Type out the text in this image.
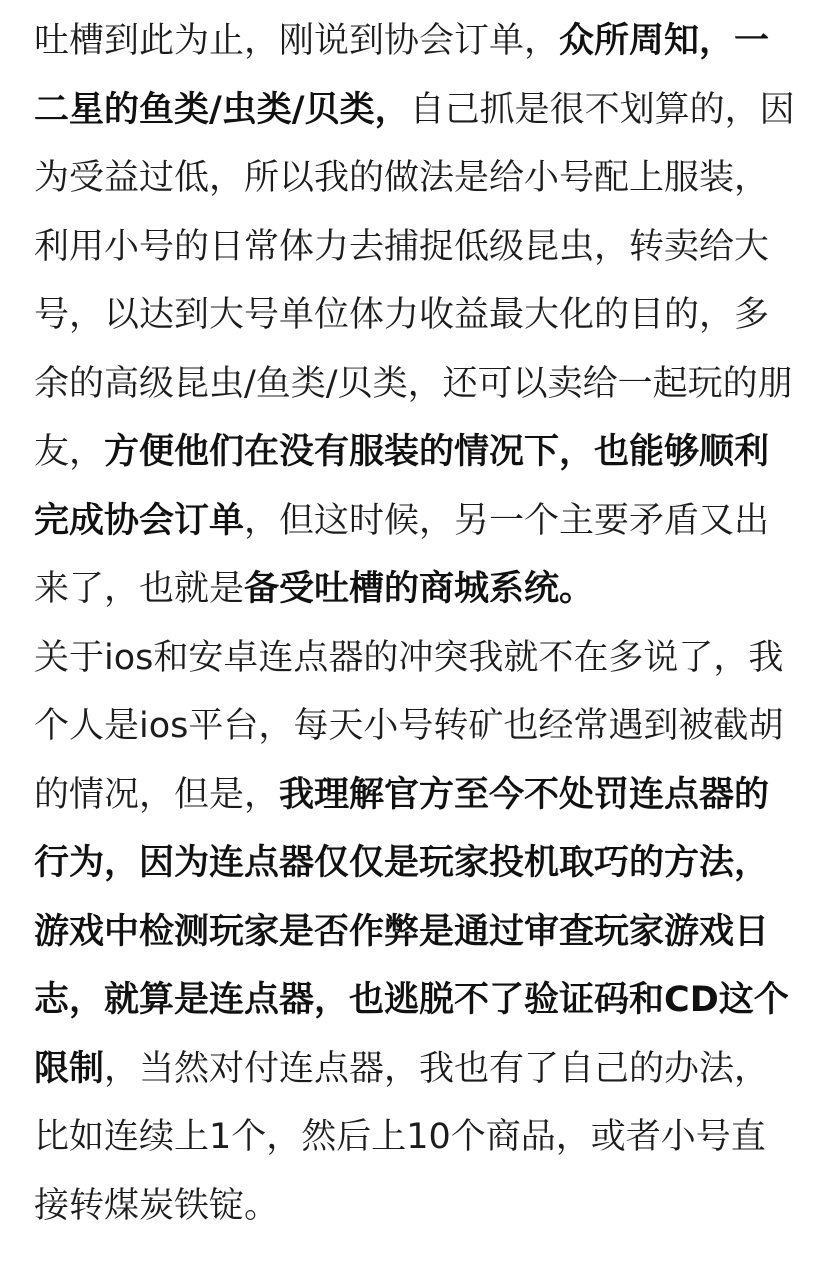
吐槽到此为止，刚说到协会订单，众所周知，一二星的鱼类/虫类/贝类，自己抓是很不划算的，因为受益过低，所以我的做法是给小号配上服装，利用小号的日常体力去捕捉低级昆虫，转卖给大号，以达到大号单位体力收益最大化的目的，多余的高级昆虫/鱼类/贝类，还可以卖给一起玩的朋友，方便他们在没有服装的情况下，也能够顺利完成协会订单，但这时候，另一个主要矛盾又出来了，也就是备受吐槽的商城系统。

关于ios和安卓连点器的冲突我就不在多说了，我个人是ios平台，每天小号转矿也经常遇到被截胡的情况，但是，我理解官方至今不处罚连点器的行为，因为连点器仅仅是玩家投机取巧的方法，游戏中检测玩家是否作弊是通过审查玩家游戏日志，就算是连点器，也逃脱不了验证码和CD这个限制，当然对付连点器，我也有了自己的办法，比如连续上1个，然后上10个商品，或者小号直接转煤炭铁锭。
